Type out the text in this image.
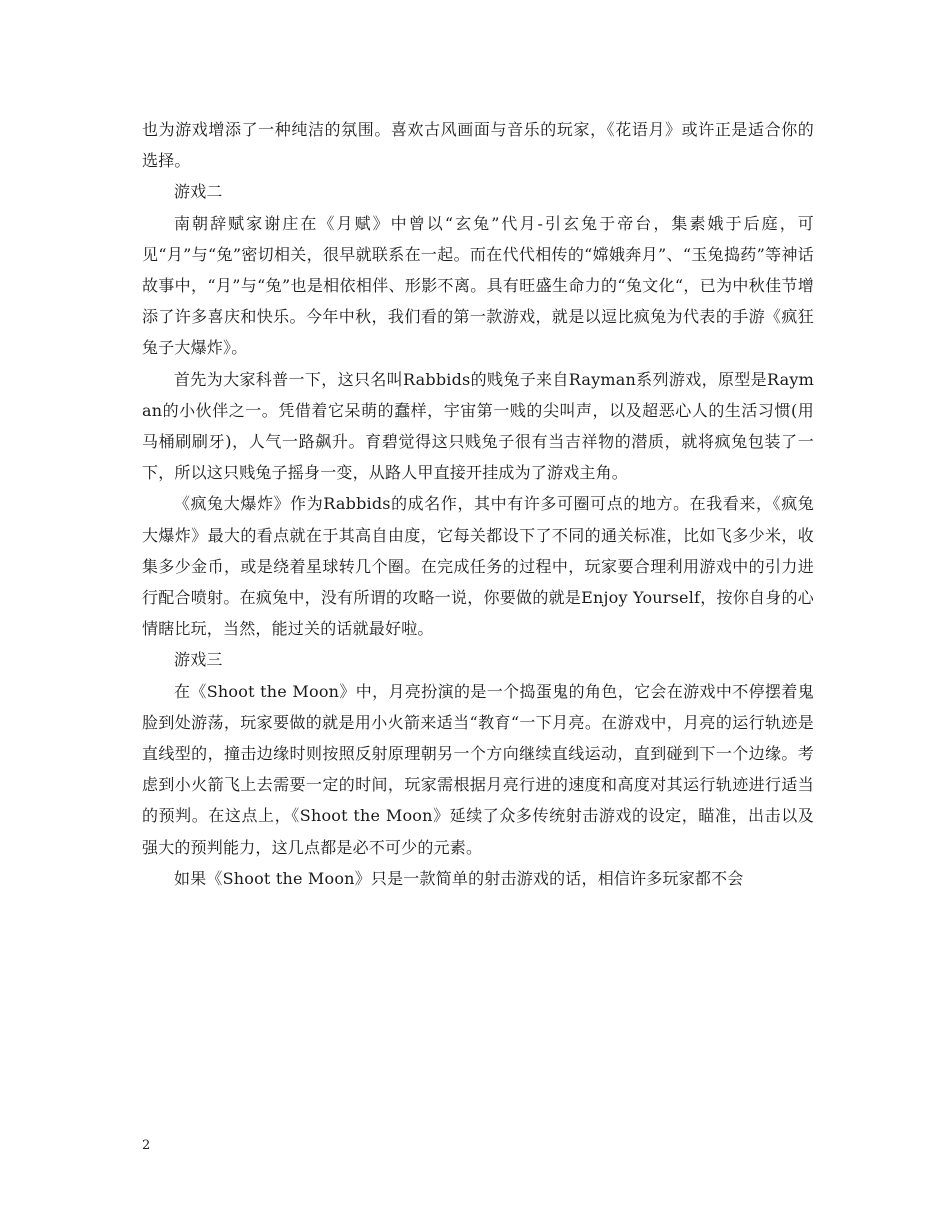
也为游戏增添了一种纯洁的氛围。喜欢古风画面与音乐的玩家，《花语月》或许正是适合你的选择。

游戏二

南朝辞赋家谢庄在《月赋》中曾以“玄兔”代月-引玄兔于帝台，集素娥于后庭，可见“月”与“兔”密切相关，很早就联系在一起。而在代代相传的“嫦娥奔月”、“玉兔捣药”等神话故事中，“月”与“兔”也是相依相伴、形影不离。具有旺盛生命力的“兔文化“，已为中秋佳节增添了许多喜庆和快乐。今年中秋，我们看的第一款游戏，就是以逗比疯兔为代表的手游《疯狂兔子大爆炸》。

首先为大家科普一下，这只名叫Rabbids的贱兔子来自Rayman系列游戏，原型是Rayman的小伙伴之一。凭借着它呆萌的蠢样，宇宙第一贱的尖叫声，以及超恶心人的生活习惯(用马桶刷刷牙)，人气一路飙升。育碧觉得这只贱兔子很有当吉祥物的潜质，就将疯兔包装了一下，所以这只贱兔子摇身一变，从路人甲直接开挂成为了游戏主角。

《疯兔大爆炸》作为Rabbids的成名作，其中有许多可圈可点的地方。在我看来，《疯兔大爆炸》最大的看点就在于其高自由度，它每关都设下了不同的通关标准，比如飞多少米，收集多少金币，或是绕着星球转几个圈。在完成任务的过程中，玩家要合理利用游戏中的引力进行配合喷射。在疯兔中，没有所谓的攻略一说，你要做的就是Enjoy Yourself，按你自身的心情瞎比玩，当然，能过关的话就最好啦。

游戏三

在《Shoot the Moon》中，月亮扮演的是一个捣蛋鬼的角色，它会在游戏中不停摆着鬼脸到处游荡，玩家要做的就是用小火箭来适当“教育“一下月亮。在游戏中，月亮的运行轨迹是直线型的，撞击边缘时则按照反射原理朝另一个方向继续直线运动，直到碰到下一个边缘。考虑到小火箭飞上去需要一定的时间，玩家需根据月亮行进的速度和高度对其运行轨迹进行适当的预判。在这点上，《Shoot the Moon》延续了众多传统射击游戏的设定，瞄准，出击以及强大的预判能力，这几点都是必不可少的元素。

如果《Shoot the Moon》只是一款简单的射击游戏的话，相信许多玩家都不会

2
